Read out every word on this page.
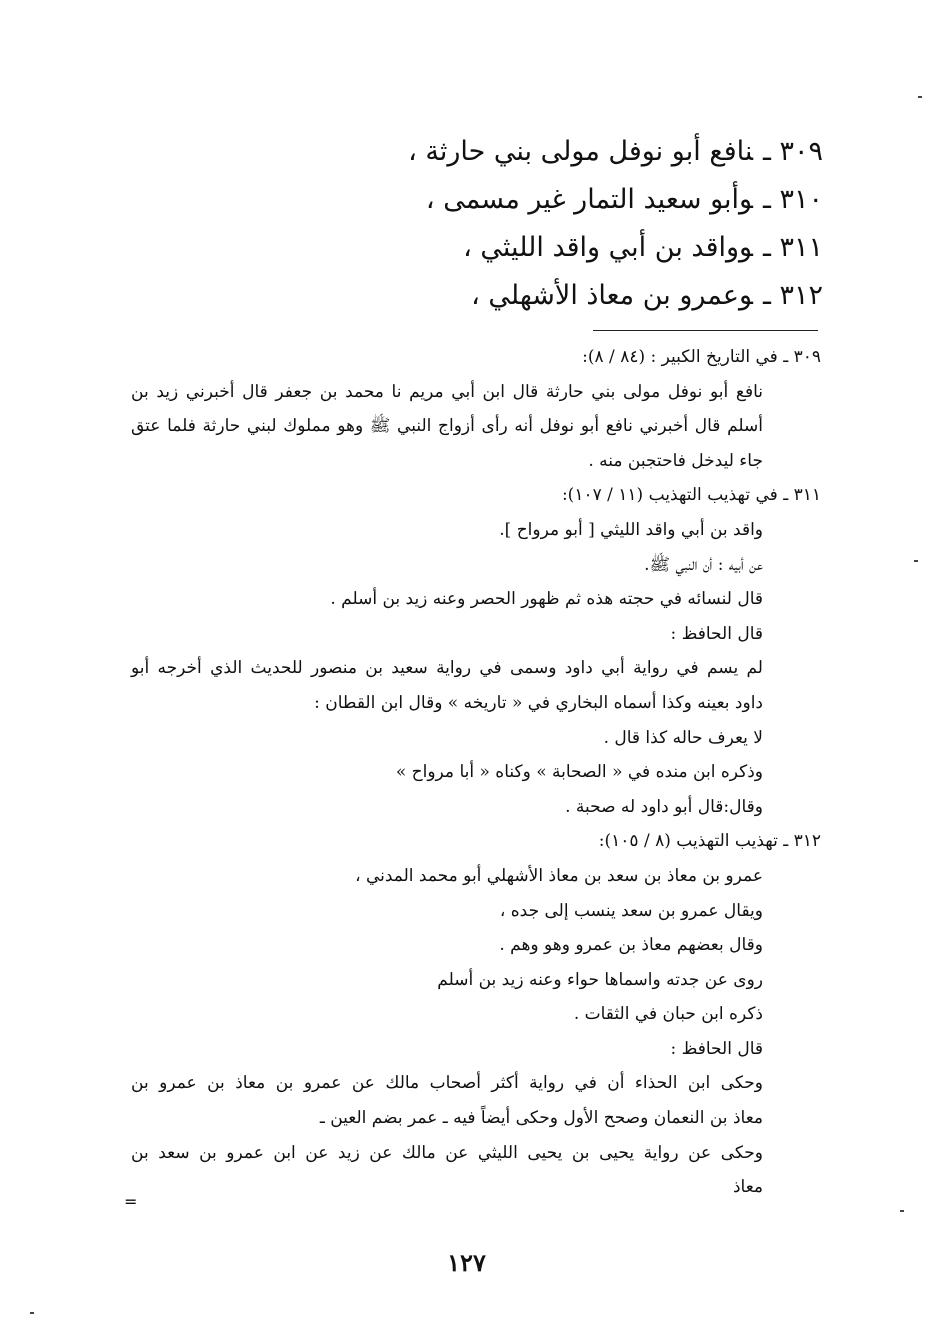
٣٠٩ ـنافع أبو نوفل مولى بني حارثة ،
٣١٠ ـوأبو سعيد التمار غير مسمى ،
٣١١ ـوواقد بن أبي واقد الليثي ،
٣١٢ ـوعمرو بن معاذ الأشهلي ،
٣٠٩ ـ في التاريخ الكبير : (٨٤ / ٨):
نافع أبو نوفل مولى بني حارثة قال ابن أبي مريم نا محمد بن جعفر قال أخبرني زيد بن
أسلم قال أخبرني نافع أبو نوفل أنه رأى أزواج النبي ﷺ وهو مملوك لبني حارثة فلما عتق
جاء ليدخل فاحتجبن منه .
٣١١ ـ في تهذيب التهذيب (١١ / ١٠٧):
واقد بن أبي واقد الليثي [ أبو مرواح ].
عن أبيه : أن النبي ﷺ.
قال لنسائه في حجته هذه ثم ظهور الحصر وعنه زيد بن أسلم .
قال الحافظ :
لم يسم في رواية أبي داود وسمى في رواية سعيد بن منصور للحديث الذي أخرجه أبو
داود بعينه وكذا أسماه البخاري في « تاريخه » وقال ابن القطان :
لا يعرف حاله كذا قال .
وذكره ابن منده في « الصحابة » وكناه « أبا مرواح »
وقال:قال أبو داود له صحبة .
٣١٢ ـ تهذيب التهذيب (٨ / ١٠٥):
عمرو بن معاذ بن سعد بن معاذ الأشهلي أبو محمد المدني ،
ويقال عمرو بن سعد ينسب إلى جده ،
وقال بعضهم معاذ بن عمرو وهو وهم .
روى عن جدته واسماها حواء وعنه زيد بن أسلم
ذكره ابن حبان في الثقات .
قال الحافظ :
وحكى ابن الحذاء أن في رواية أكثر أصحاب مالك عن عمرو بن معاذ بن عمرو بن
معاذ بن النعمان وصحح الأول وحكى أيضاً فيه ـ عمر بضم العين ـ
وحكى عن رواية يحيى بن يحيى الليثي عن مالك عن زيد عن ابن عمرو بن سعد بن
معاذ
=
١٢٧
